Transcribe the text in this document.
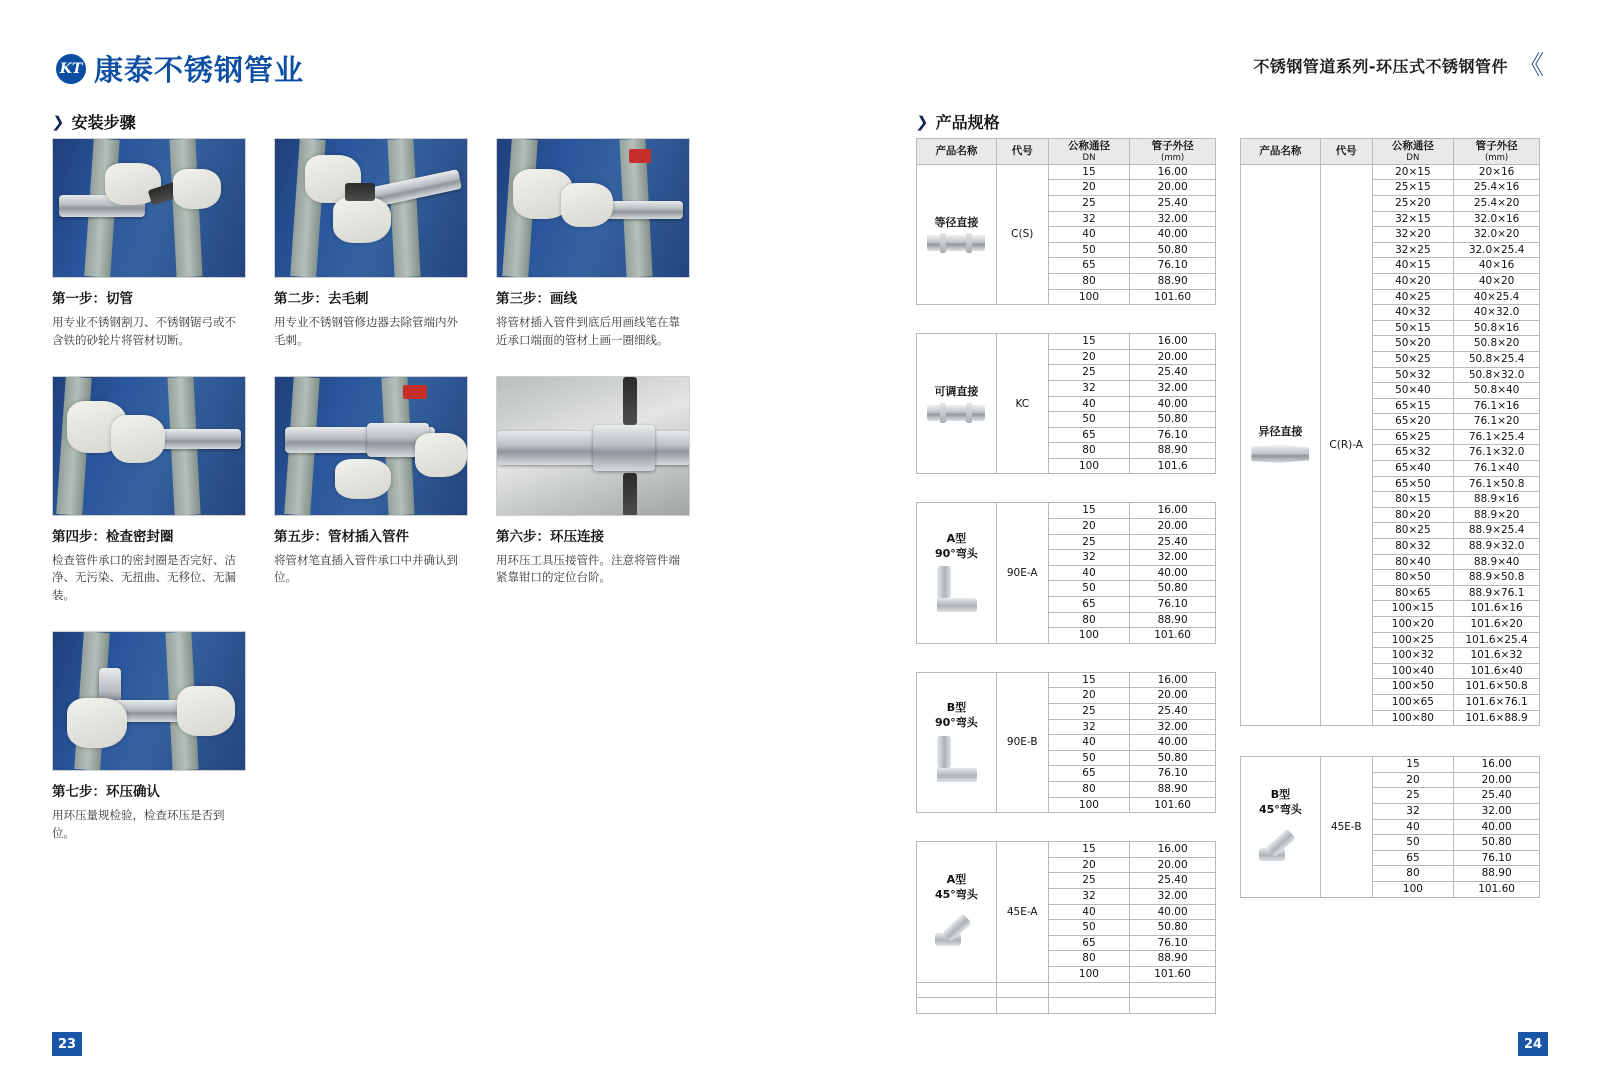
KT 康泰不锈钢管业	不锈钢管道系列-环压式不锈钢管件 《
❯ 安装步骤
第一步：切管
用专业不锈钢割刀、不锈钢锯弓或不含铁的砂轮片将管材切断。
第二步：去毛刺
用专业不锈钢管修边器去除管端内外毛刺。
第三步：画线
将管材插入管件到底后用画线笔在靠近承口端面的管材上画一圈细线。
第四步：检查密封圈
检查管件承口的密封圈是否完好、洁净、无污染、无扭曲、无移位、无漏装。
第五步：管材插入管件
将管材笔直插入管件承口中并确认到位。
第六步：环压连接
用环压工具压接管件。注意将管件端紧靠钳口的定位台阶。
第七步：环压确认
用环压量规检验，检查环压是否到位。
❯ 产品规格
产品名称	代号	公称通径
DN	管子外径
(mm)

等径直接	C(S)	15	16.00
		20	20.00
		25	25.40
		32	32.00
		40	40.00
		50	50.80
		65	76.10
		80	88.90
		100	101.60
可调直接	KC	15	16.00
		20	20.00
		25	25.40
		32	32.00
		40	40.00
		50	50.80
		65	76.10
		80	88.90
		100	101.6
A型
90°弯头	90E-A	15	16.00
		20	20.00
		25	25.40
		32	32.00
		40	40.00
		50	50.80
		65	76.10
		80	88.90
		100	101.60
B型
90°弯头	90E-B	15	16.00
		20	20.00
		25	25.40
		32	32.00
		40	40.00
		50	50.80
		65	76.10
		80	88.90
		100	101.60
A型
45°弯头	45E-A	15	16.00
		20	20.00
		25	25.40
		32	32.00
		40	40.00
		50	50.80
		65	76.10
		80	88.90
		100	101.60

产品名称	代号	公称通径
DN	管子外径
(mm)

异径直接	C(R)-A	20×15	20×16
		25×15	25.4×16
		25×20	25.4×20
		32×15	32.0×16
		32×20	32.0×20
		32×25	32.0×25.4
		40×15	40×16
		40×20	40×20
		40×25	40×25.4
		40×32	40×32.0
		50×15	50.8×16
		50×20	50.8×20
		50×25	50.8×25.4
		50×32	50.8×32.0
		50×40	50.8×40
		65×15	76.1×16
		65×20	76.1×20
		65×25	76.1×25.4
		65×32	76.1×32.0
		65×40	76.1×40
		65×50	76.1×50.8
		80×15	88.9×16
		80×20	88.9×20
		80×25	88.9×25.4
		80×32	88.9×32.0
		80×40	88.9×40
		80×50	88.9×50.8
		80×65	88.9×76.1
		100×15	101.6×16
		100×20	101.6×20
		100×25	101.6×25.4
		100×32	101.6×32
		100×40	101.6×40
		100×50	101.6×50.8
		100×65	101.6×76.1
		100×80	101.6×88.9
B型
45°弯头	45E-B	15	16.00
		20	20.00
		25	25.40
		32	32.00
		40	40.00
		50	50.80
		65	76.10
		80	88.90
		100	101.60
23	24
